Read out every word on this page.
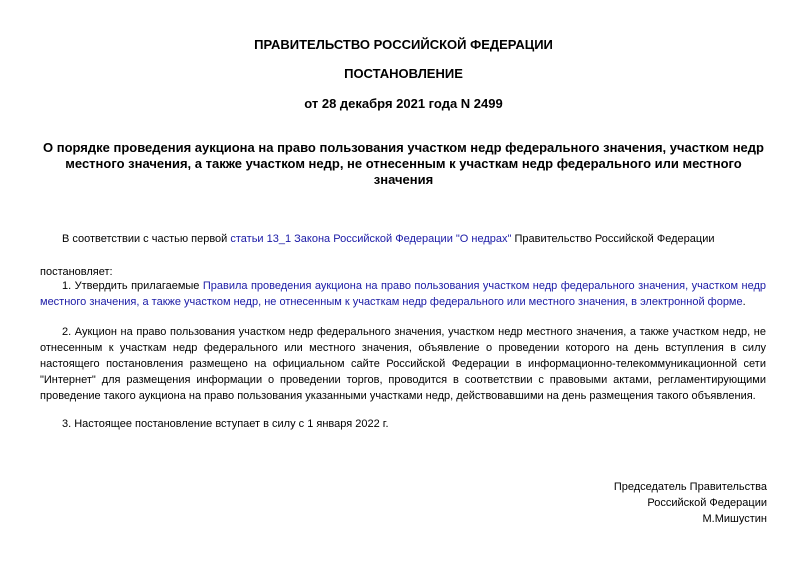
ПРАВИТЕЛЬСТВО РОССИЙСКОЙ ФЕДЕРАЦИИ
ПОСТАНОВЛЕНИЕ
от 28 декабря 2021 года N 2499
О порядке проведения аукциона на право пользования участком недр федерального значения, участком недр местного значения, а также участком недр, не отнесенным к участкам недр федерального или местного значения

В соответствии с частью первой статьи 13_1 Закона Российской Федерации "О недрах" Правительство Российской Федерации

постановляет:

1. Утвердить прилагаемые Правила проведения аукциона на право пользования участком недр федерального значения, участком недр местного значения, а также участком недр, не отнесенным к участкам недр федерального или местного значения, в электронной форме.

2. Аукцион на право пользования участком недр федерального значения, участком недр местного значения, а также участком недр, не отнесенным к участкам недр федерального или местного значения, объявление о проведении которого на день вступления в силу настоящего постановления размещено на официальном сайте Российской Федерации в информационно-телекоммуникационной сети "Интернет" для размещения информации о проведении торгов, проводится в соответствии с правовыми актами, регламентирующими проведение такого аукциона на право пользования указанными участками недр, действовавшими на день размещения такого объявления.

3. Настоящее постановление вступает в силу с 1 января 2022 г.

Председатель Правительства
Российской Федерации
М.Мишустин
